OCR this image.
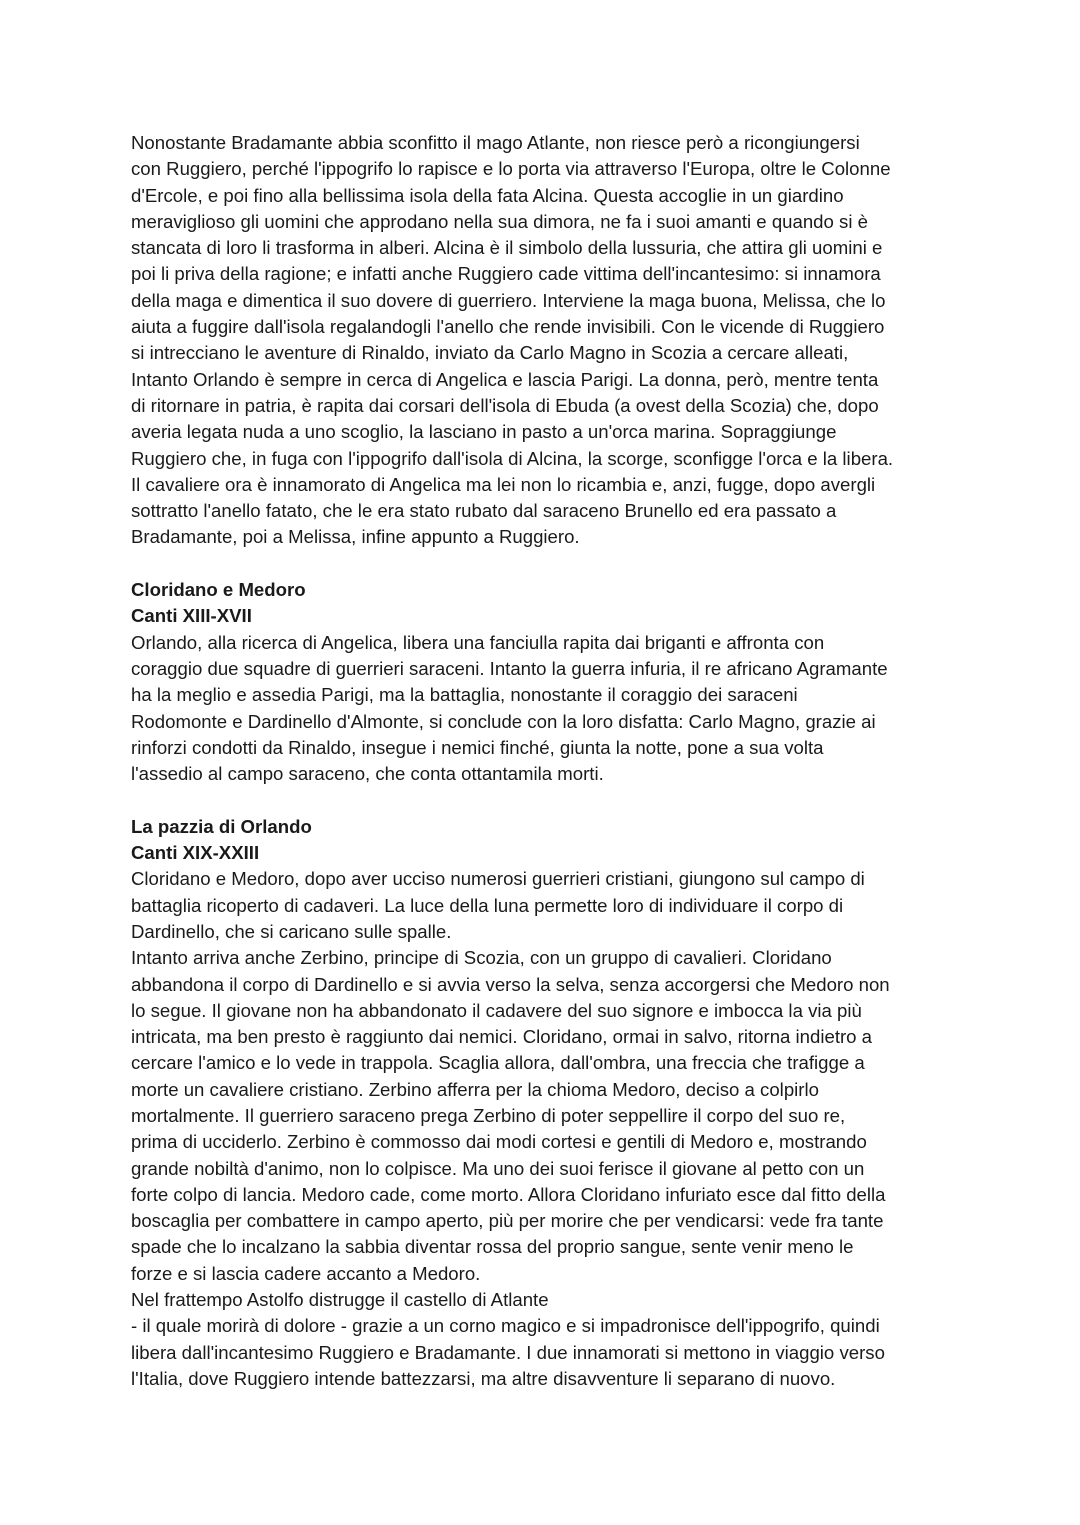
Nonostante Bradamante abbia sconfitto il mago Atlante, non riesce però a ricongiungersi
con Ruggiero, perché l'ippogrifo lo rapisce e lo porta via attraverso l'Europa, oltre le Colonne
d'Ercole, e poi fino alla bellissima isola della fata Alcina. Questa accoglie in un giardino
meraviglioso gli uomini che approdano nella sua dimora, ne fa i suoi amanti e quando si è
stancata di loro li trasforma in alberi. Alcina è il simbolo della lussuria, che attira gli uomini e
poi li priva della ragione; e infatti anche Ruggiero cade vittima dell'incantesimo: si innamora
della maga e dimentica il suo dovere di guerriero. Interviene la maga buona, Melissa, che lo
aiuta a fuggire dall'isola regalandogli l'anello che rende invisibili. Con le vicende di Ruggiero
si intrecciano le aventure di Rinaldo, inviato da Carlo Magno in Scozia a cercare alleati,
Intanto Orlando è sempre in cerca di Angelica e lascia Parigi. La donna, però, mentre tenta
di ritornare in patria, è rapita dai corsari dell'isola di Ebuda (a ovest della Scozia) che, dopo
averia legata nuda a uno scoglio, la lasciano in pasto a un'orca marina. Sopraggiunge
Ruggiero che, in fuga con l'ippogrifo dall'isola di Alcina, la scorge, sconfigge l'orca e la libera.
Il cavaliere ora è innamorato di Angelica ma lei non lo ricambia e, anzi, fugge, dopo avergli
sottratto l'anello fatato, che le era stato rubato dal saraceno Brunello ed era passato a
Bradamante, poi a Melissa, infine appunto a Ruggiero.

Cloridano e Medoro

Canti XIII-XVII

Orlando, alla ricerca di Angelica, libera una fanciulla rapita dai briganti e affronta con
coraggio due squadre di guerrieri saraceni. Intanto la guerra infuria, il re africano Agramante
ha la meglio e assedia Parigi, ma la battaglia, nonostante il coraggio dei saraceni
Rodomonte e Dardinello d'Almonte, si conclude con la loro disfatta: Carlo Magno, grazie ai
rinforzi condotti da Rinaldo, insegue i nemici finché, giunta la notte, pone a sua volta
l'assedio al campo saraceno, che conta ottantamila morti.

La pazzia di Orlando

Canti XIX-XXIII

Cloridano e Medoro, dopo aver ucciso numerosi guerrieri cristiani, giungono sul campo di
battaglia ricoperto di cadaveri. La luce della luna permette loro di individuare il corpo di
Dardinello, che si caricano sulle spalle.

Intanto arriva anche Zerbino, principe di Scozia, con un gruppo di cavalieri. Cloridano
abbandona il corpo di Dardinello e si avvia verso la selva, senza accorgersi che Medoro non
lo segue. Il giovane non ha abbandonato il cadavere del suo signore e imbocca la via più
intricata, ma ben presto è raggiunto dai nemici. Cloridano, ormai in salvo, ritorna indietro a
cercare l'amico e lo vede in trappola. Scaglia allora, dall'ombra, una freccia che trafigge a
morte un cavaliere cristiano. Zerbino afferra per la chioma Medoro, deciso a colpirlo
mortalmente. Il guerriero saraceno prega Zerbino di poter seppellire il corpo del suo re,
prima di ucciderlo. Zerbino è commosso dai modi cortesi e gentili di Medoro e, mostrando
grande nobiltà d'animo, non lo colpisce. Ma uno dei suoi ferisce il giovane al petto con un
forte colpo di lancia. Medoro cade, come morto. Allora Cloridano infuriato esce dal fitto della
boscaglia per combattere in campo aperto, più per morire che per vendicarsi: vede fra tante
spade che lo incalzano la sabbia diventar rossa del proprio sangue, sente venir meno le
forze e si lascia cadere accanto a Medoro.

Nel frattempo Astolfo distrugge il castello di Atlante
- il quale morirà di dolore - grazie a un corno magico e si impadronisce dell'ippogrifo, quindi
libera dall'incantesimo Ruggiero e Bradamante. I due innamorati si mettono in viaggio verso
l'Italia, dove Ruggiero intende battezzarsi, ma altre disavventure li separano di nuovo.
